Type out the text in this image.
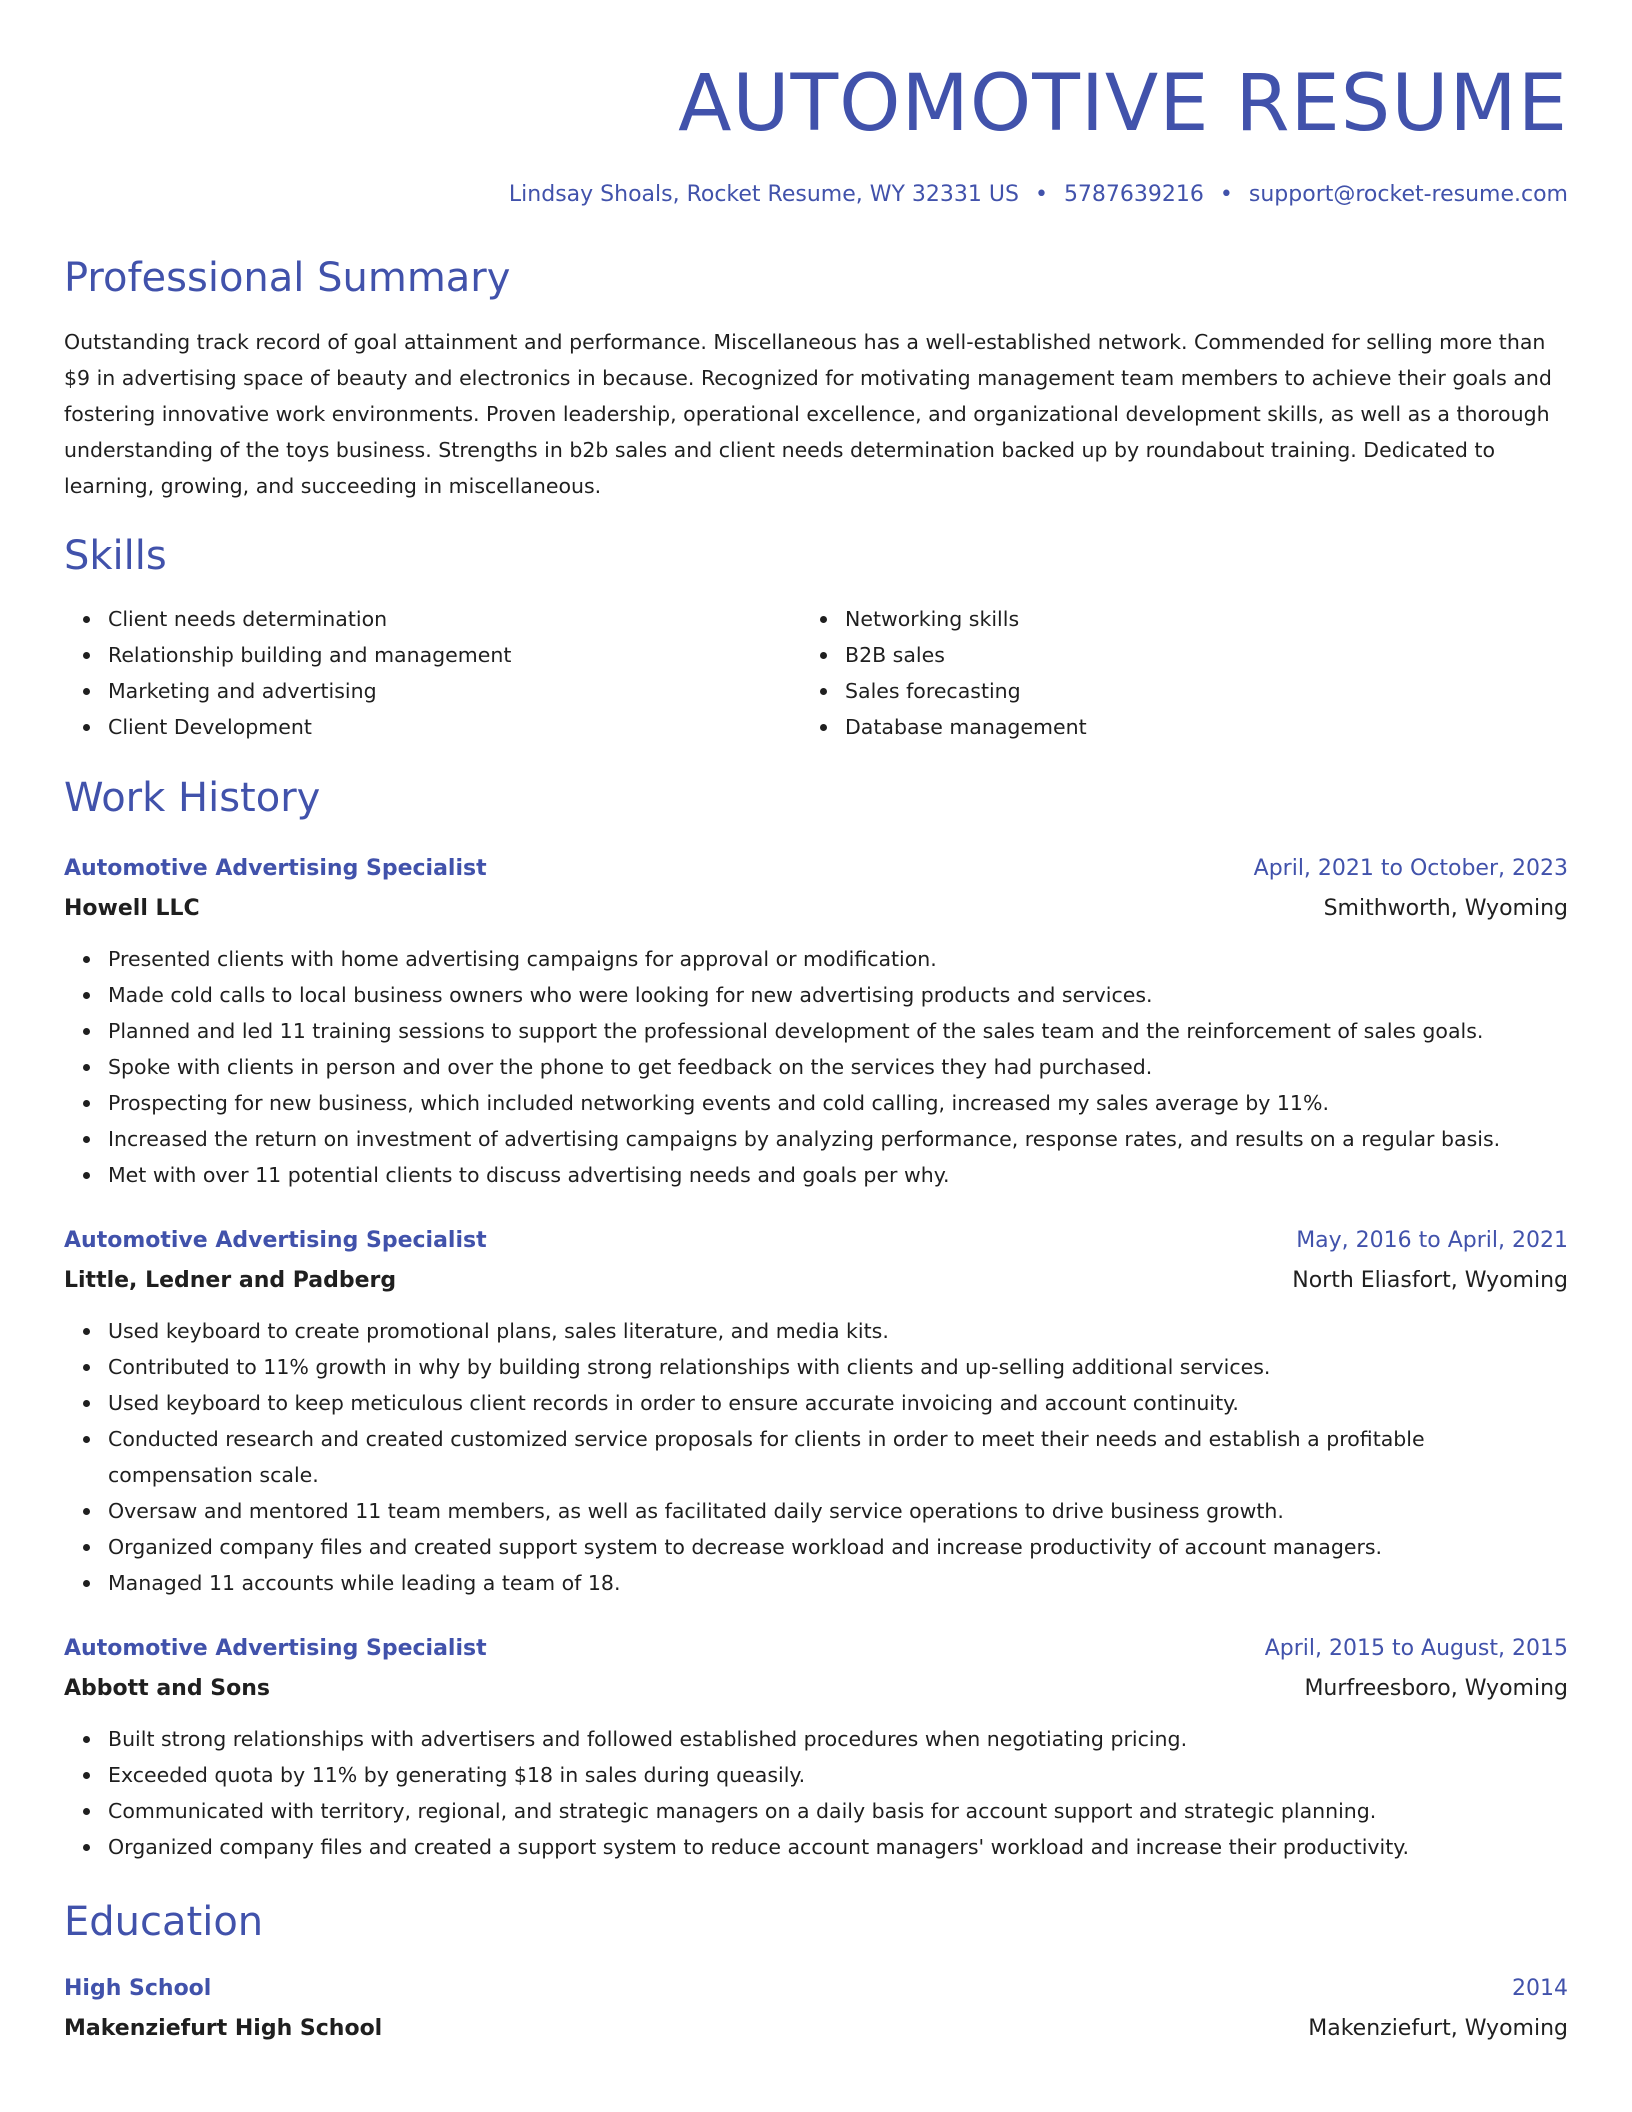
AUTOMOTIVE RESUME
Lindsay Shoals, Rocket Resume, WY 32331 US • 5787639216 • support@rocket-resume.com
Professional Summary

Outstanding track record of goal attainment and performance. Miscellaneous has a well-established network. Commended for selling more than $9 in advertising space of beauty and electronics in because. Recognized for motivating management team members to achieve their goals and fostering innovative work environments. Proven leadership, operational excellence, and organizational development skills, as well as a thorough understanding of the toys business. Strengths in b2b sales and client needs determination backed up by roundabout training. Dedicated to learning, growing, and succeeding in miscellaneous.

Skills
Client needs determination
Relationship building and management
Marketing and advertising
Client Development
Networking skills
B2B sales
Sales forecasting
Database management
Work History
Automotive Advertising Specialist	April, 2021 to October, 2023
Howell LLC	Smithworth, Wyoming
Presented clients with home advertising campaigns for approval or modification.
Made cold calls to local business owners who were looking for new advertising products and services.
Planned and led 11 training sessions to support the professional development of the sales team and the reinforcement of sales goals.
Spoke with clients in person and over the phone to get feedback on the services they had purchased.
Prospecting for new business, which included networking events and cold calling, increased my sales average by 11%.
Increased the return on investment of advertising campaigns by analyzing performance, response rates, and results on a regular basis.
Met with over 11 potential clients to discuss advertising needs and goals per why.
Automotive Advertising Specialist	May, 2016 to April, 2021
Little, Ledner and Padberg	North Eliasfort, Wyoming
Used keyboard to create promotional plans, sales literature, and media kits.
Contributed to 11% growth in why by building strong relationships with clients and up-selling additional services.
Used keyboard to keep meticulous client records in order to ensure accurate invoicing and account continuity.
Conducted research and created customized service proposals for clients in order to meet their needs and establish a profitable compensation scale.
Oversaw and mentored 11 team members, as well as facilitated daily service operations to drive business growth.
Organized company files and created support system to decrease workload and increase productivity of account managers.
Managed 11 accounts while leading a team of 18.
Automotive Advertising Specialist	April, 2015 to August, 2015
Abbott and Sons	Murfreesboro, Wyoming
Built strong relationships with advertisers and followed established procedures when negotiating pricing.
Exceeded quota by 11% by generating $18 in sales during queasily.
Communicated with territory, regional, and strategic managers on a daily basis for account support and strategic planning.
Organized company files and created a support system to reduce account managers' workload and increase their productivity.
Education
High School	2014
Makenziefurt High School	Makenziefurt, Wyoming
